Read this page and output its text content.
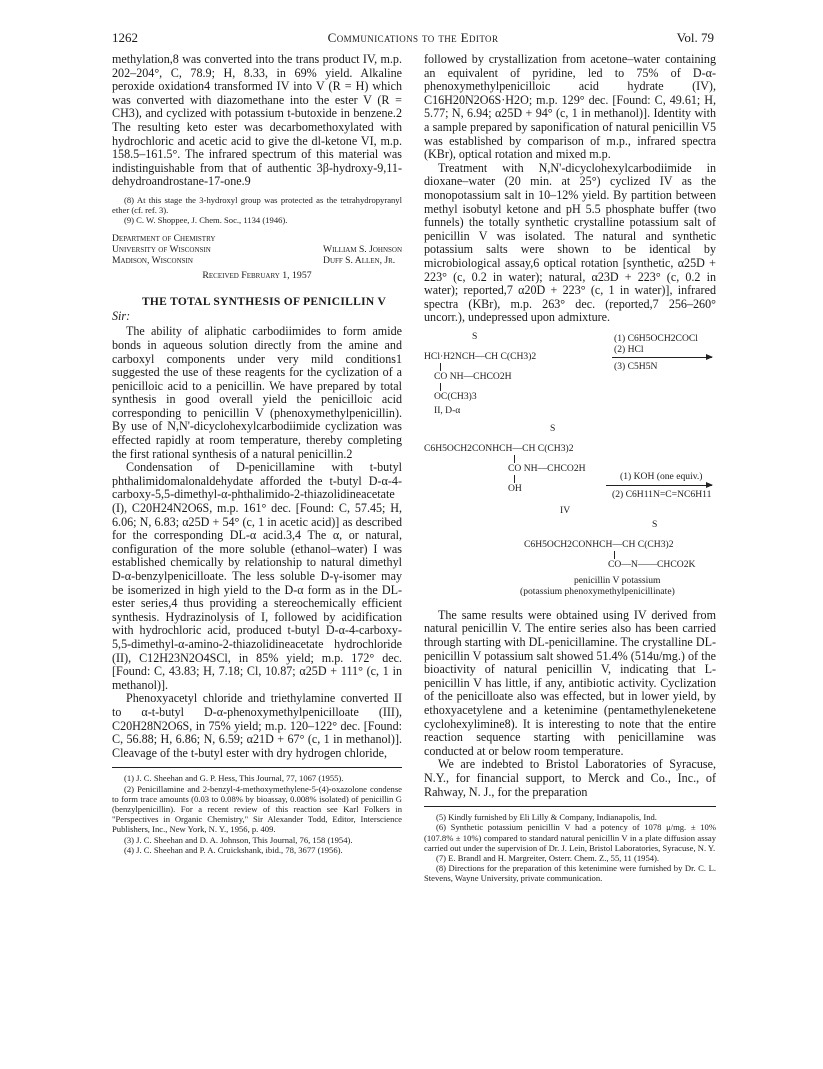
1262	Communications to the Editor	Vol. 79

methylation,8 was converted into the trans product IV, m.p. 202–204°, C, 78.9; H, 8.33, in 69% yield. Alkaline peroxide oxidation4 transformed IV into V (R = H) which was converted with diazomethane into the ester V (R = CH3), and cyclized with potassium t-butoxide in benzene.2 The resulting keto ester was decarbomethoxylated with hydrochloric and acetic acid to give the dl-ketone VI, m.p. 158.5–161.5°. The infrared spectrum of this material was indistinguishable from that of authentic 3β-hydroxy-9,11-dehydroandrostane-17-one.9

(8) At this stage the 3-hydroxyl group was protected as the tetrahydropyranyl ether (cf. ref. 3).

(9) C. W. Shoppee, J. Chem. Soc., 1134 (1946).

Department of Chemistry
University of Wisconsin
Madison, Wisconsin
William S. Johnson
Duff S. Allen, Jr.
Received February 1, 1957

THE TOTAL SYNTHESIS OF PENICILLIN V

Sir:

The ability of aliphatic carbodiimides to form amide bonds in aqueous solution directly from the amine and carboxyl components under very mild conditions1 suggested the use of these reagents for the cyclization of a penicilloic acid to a penicillin. We have prepared by total synthesis in good overall yield the penicilloic acid corresponding to penicillin V (phenoxymethylpenicillin). By use of N,N'-dicyclohexylcarbodiimide cyclization was effected rapidly at room temperature, thereby completing the first rational synthesis of a natural penicillin.2

Condensation of D-penicillamine with t-butyl phthalimidomalonaldehydate afforded the t-butyl D-α-4-carboxy-5,5-dimethyl-α-phthalimido-2-thiazolidineacetate (I), C20H24N2O6S, m.p. 161° dec. [Found: C, 57.45; H, 6.06; N, 6.83; α25D + 54° (c, 1 in acetic acid)] as described for the corresponding DL-α acid.3,4 The α, or natural, configuration of the more soluble (ethanol–water) I was established chemically by relationship to natural dimethyl D-α-benzylpenicilloate. The less soluble D-γ-isomer may be isomerized in high yield to the D-α form as in the DL-ester series,4 thus providing a stereochemically efficient synthesis. Hydrazinolysis of I, followed by acidification with hydrochloric acid, produced t-butyl D-α-4-carboxy-5,5-dimethyl-α-amino-2-thiazolidineacetate hydrochloride (II), C12H23N2O4SCl, in 85% yield; m.p. 172° dec. [Found: C, 43.83; H, 7.18; Cl, 10.87; α25D + 111° (c, 1 in methanol)].

Phenoxyacetyl chloride and triethylamine converted II to α-t-butyl D-α-phenoxymethylpenicilloate (III), C20H28N2O6S, in 75% yield; m.p. 120–122° dec. [Found: C, 56.88; H, 6.86; N, 6.59; α21D + 67° (c, 1 in methanol)]. Cleavage of the t-butyl ester with dry hydrogen chloride,

(1) J. C. Sheehan and G. P. Hess, This Journal, 77, 1067 (1955).

(2) Penicillamine and 2-benzyl-4-methoxymethylene-5-(4)-oxazolone condense to form trace amounts (0.03 to 0.08% by bioassay, 0.008% isolated) of penicillin G (benzylpenicillin). For a recent review of this reaction see Karl Folkers in "Perspectives in Organic Chemistry," Sir Alexander Todd, Editor, Interscience Publishers, Inc., New York, N. Y., 1956, p. 409.

(3) J. C. Sheehan and D. A. Johnson, This Journal, 76, 158 (1954).

(4) J. C. Sheehan and P. A. Cruickshank, ibid., 78, 3677 (1956).

followed by crystallization from acetone–water containing an equivalent of pyridine, led to 75% of D-α-phenoxymethylpenicilloic acid hydrate (IV), C16H20N2O6S·H2O; m.p. 129° dec. [Found: C, 49.61; H, 5.77; N, 6.94; α25D + 94° (c, 1 in methanol)]. Identity with a sample prepared by saponification of natural penicillin V5 was established by comparison of m.p., infrared spectra (KBr), optical rotation and mixed m.p.

Treatment with N,N'-dicyclohexylcarbodiimide in dioxane–water (20 min. at 25°) cyclized IV as the monopotassium salt in 10–12% yield. By partition between methyl isobutyl ketone and pH 5.5 phosphate buffer (two funnels) the totally synthetic crystalline potassium salt of penicillin V was isolated. The natural and synthetic potassium salts were shown to be identical by microbiological assay,6 optical rotation [synthetic, α25D + 223° (c, 0.2 in water); natural, α23D + 223° (c, 0.2 in water); reported,7 α20D + 223° (c, 1 in water)], infrared spectra (KBr), m.p. 263° dec. (reported,7 256–260° uncorr.), undepressed upon admixture.

S
HCl·H2NCH—CH C(CH3)2
CO NH—CHCO2H
OC(CH3)3
II, D-α
(1) C6H5OCH2COCl
(2) HCl
(3) C5H5N
S
C6H5OCH2CONHCH—CH C(CH3)2
CO NH—CHCO2H
OH
(1) KOH (one equiv.)
(2) C6H11N=C=NC6H11
IV
S
C6H5OCH2CONHCH—CH C(CH3)2
CO—N——CHCO2K
penicillin V potassium
(potassium phenoxymethylpenicillinate)

The same results were obtained using IV derived from natural penicillin V. The entire series also has been carried through starting with DL-penicillamine. The crystalline DL-penicillin V potassium salt showed 51.4% (514u/mg.) of the bioactivity of natural penicillin V, indicating that L-penicillin V has little, if any, antibiotic activity. Cyclization of the penicilloate also was effected, but in lower yield, by ethoxyacetylene and a ketenimine (pentamethyleneketene cyclohexylimine8). It is interesting to note that the entire reaction sequence starting with penicillamine was conducted at or below room temperature.

We are indebted to Bristol Laboratories of Syracuse, N.Y., for financial support, to Merck and Co., Inc., of Rahway, N. J., for the preparation

(5) Kindly furnished by Eli Lilly & Company, Indianapolis, Ind.

(6) Synthetic potassium penicillin V had a potency of 1078 μ/mg. ± 10% (107.8% ± 10%) compared to standard natural penicillin V in a plate diffusion assay carried out under the supervision of Dr. J. Lein, Bristol Laboratories, Syracuse, N. Y.

(7) E. Brandl and H. Margreiter, Osterr. Chem. Z., 55, 11 (1954).

(8) Directions for the preparation of this ketenimine were furnished by Dr. C. L. Stevens, Wayne University, private communication.
